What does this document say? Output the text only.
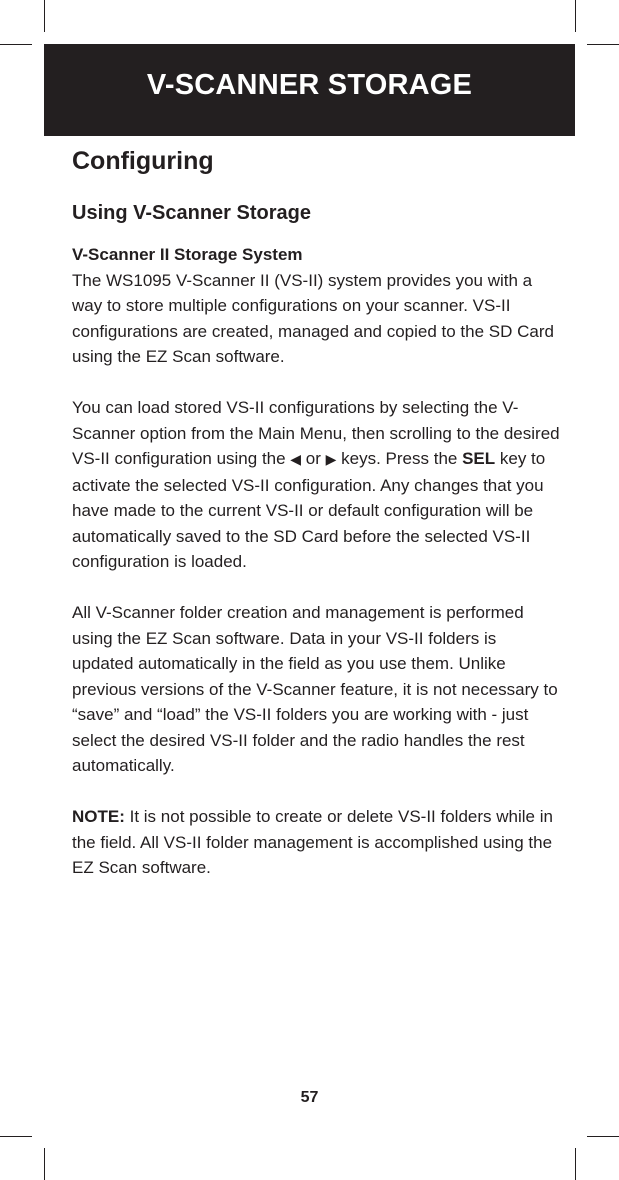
V-SCANNER STORAGE
Configuring
Using V-Scanner Storage

V-Scanner II Storage System
The WS1095 V-Scanner II (VS-II) system provides you with a way to store multiple configurations on your scanner. VS-II configurations are created, managed and copied to the SD Card using the EZ Scan software.

You can load stored VS-II configurations by selecting the V-Scanner option from the Main Menu, then scrolling to the desired VS-II configuration using the ◀ or ▶ keys. Press the SEL key to activate the selected VS-II configuration. Any changes that you have made to the current VS-II or default configuration will be automatically saved to the SD Card before the selected VS-II configuration is loaded.

All V-Scanner folder creation and management is performed using the EZ Scan software. Data in your VS-II folders is updated automatically in the field as you use them. Unlike previous versions of the V-Scanner feature, it is not necessary to “save” and “load” the VS-II folders you are working with - just select the desired VS-II folder and the radio handles the rest automatically.

NOTE: It is not possible to create or delete VS-II folders while in the field. All VS-II folder management is accomplished using the EZ Scan software.

57
